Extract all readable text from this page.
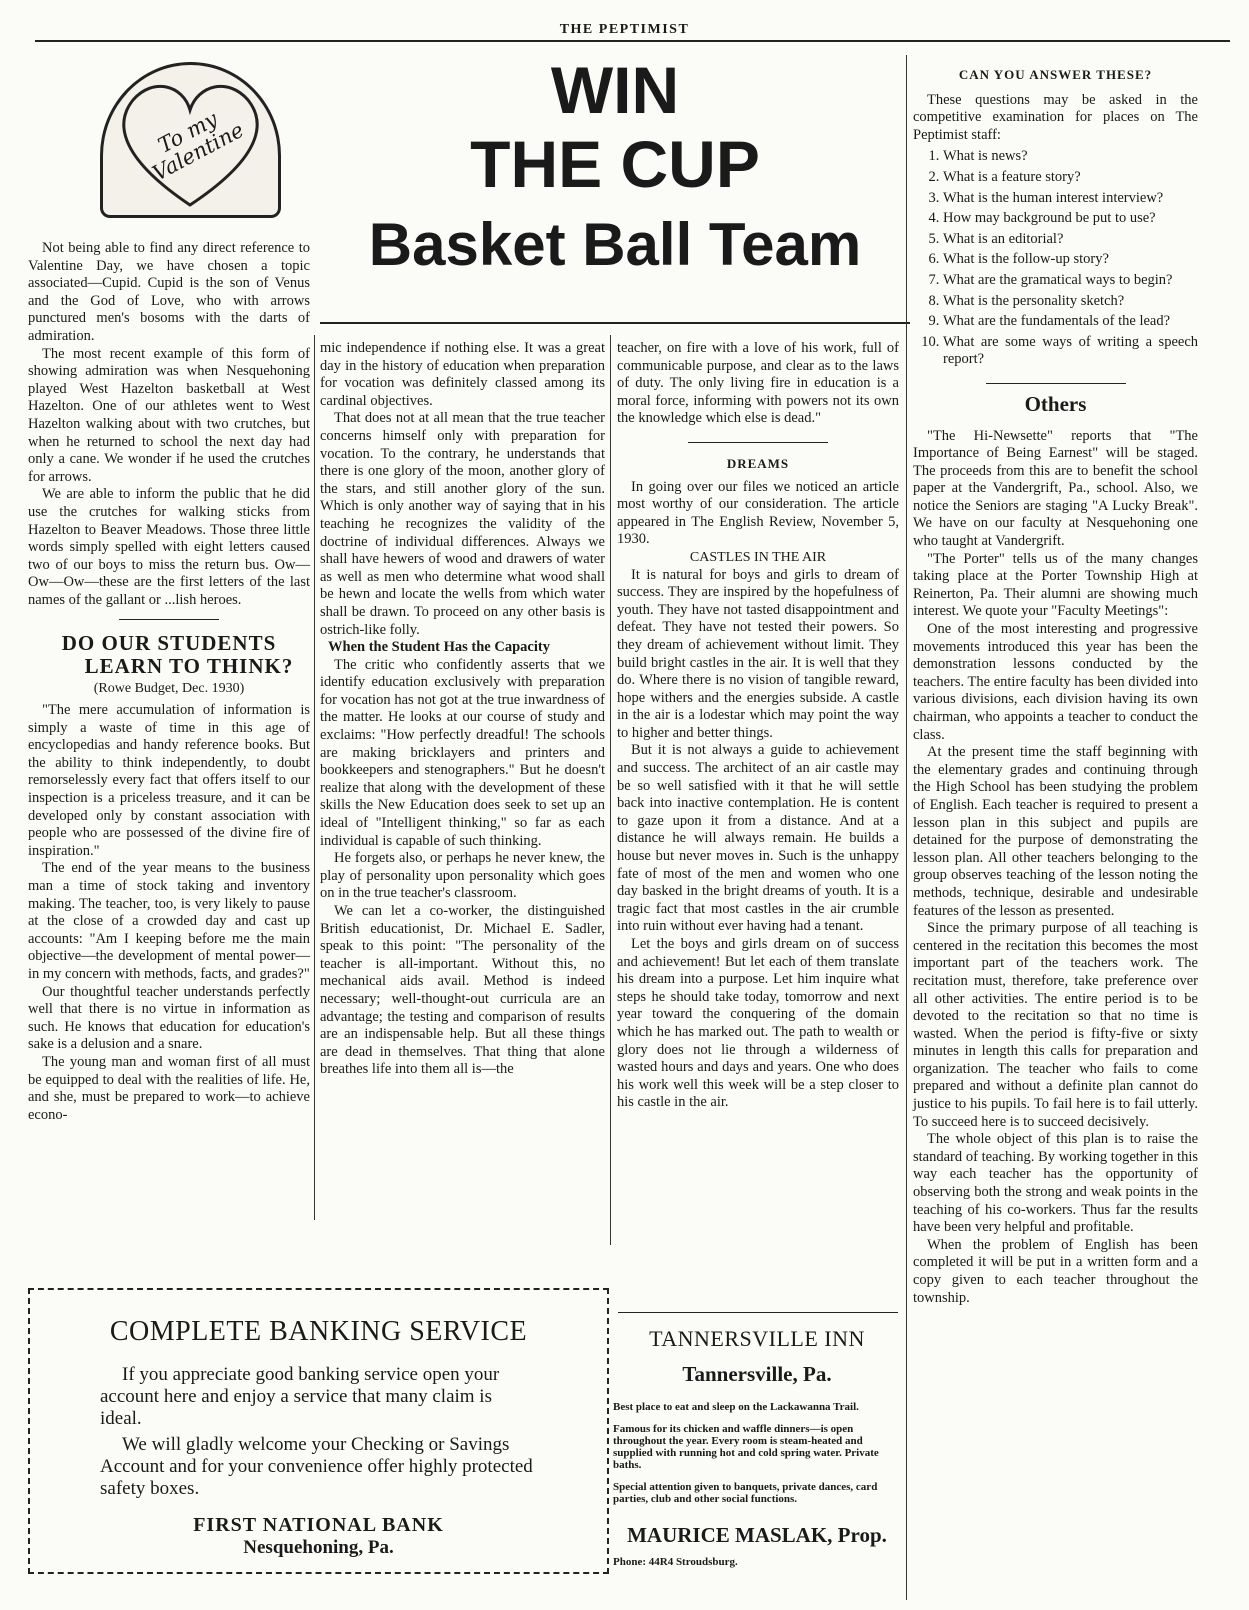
THE PEPTIMIST
To my Valentine
WIN
THE CUP
Basket Ball Team

Not being able to find any direct reference to Valentine Day, we have chosen a topic associated—Cupid. Cupid is the son of Venus and the God of Love, who with arrows punctured men's bosoms with the darts of admiration.

The most recent example of this form of showing admiration was when Nesquehoning played West Hazelton basketball at West Hazelton. One of our athletes went to West Hazelton walking about with two crutches, but when he returned to school the next day had only a cane. We wonder if he used the crutches for arrows.

We are able to inform the public that he did use the crutches for walking sticks from Hazelton to Beaver Meadows. Those three little words simply spelled with eight letters caused two of our boys to miss the return bus. Ow—Ow—Ow—these are the first letters of the last names of the gallant or ...lish heroes.

DO OUR STUDENTS
LEARN TO THINK?
(Rowe Budget, Dec. 1930)

"The mere accumulation of information is simply a waste of time in this age of encyclopedias and handy reference books. But the ability to think independently, to doubt remorselessly every fact that offers itself to our inspection is a priceless treasure, and it can be developed only by constant association with people who are possessed of the divine fire of inspiration."

The end of the year means to the business man a time of stock taking and inventory making. The teacher, too, is very likely to pause at the close of a crowded day and cast up accounts: "Am I keeping before me the main objective—the development of mental power—in my concern with methods, facts, and grades?"

Our thoughtful teacher understands perfectly well that there is no virtue in information as such. He knows that education for education's sake is a delusion and a snare.

The young man and woman first of all must be equipped to deal with the realities of life. He, and she, must be prepared to work—to achieve econo-

mic independence if nothing else. It was a great day in the history of education when preparation for vocation was definitely classed among its cardinal objectives.

That does not at all mean that the true teacher concerns himself only with preparation for vocation. To the contrary, he understands that there is one glory of the moon, another glory of the stars, and still another glory of the sun. Which is only another way of saying that in his teaching he recognizes the validity of the doctrine of individual differences. Always we shall have hewers of wood and drawers of water as well as men who determine what wood shall be hewn and locate the wells from which water shall be drawn. To proceed on any other basis is ostrich-like folly.

When the Student Has the Capacity

The critic who confidently asserts that we identify education exclusively with preparation for vocation has not got at the true inwardness of the matter. He looks at our course of study and exclaims: "How perfectly dreadful! The schools are making bricklayers and printers and bookkeepers and stenographers." But he doesn't realize that along with the development of these skills the New Education does seek to set up an ideal of "Intelligent thinking," so far as each individual is capable of such thinking.

He forgets also, or perhaps he never knew, the play of personality upon personality which goes on in the true teacher's classroom.

We can let a co-worker, the distinguished British educationist, Dr. Michael E. Sadler, speak to this point: "The personality of the teacher is all-important. Without this, no mechanical aids avail. Method is indeed necessary; well-thought-out curricula are an advantage; the testing and comparison of results are an indispensable help. But all these things are dead in themselves. That thing that alone breathes life into them all is—the

teacher, on fire with a love of his work, full of communicable purpose, and clear as to the laws of duty. The only living fire in education is a moral force, informing with powers not its own the knowledge which else is dead."

DREAMS

In going over our files we noticed an article most worthy of our consideration. The article appeared in The English Review, November 5, 1930.

CASTLES IN THE AIR

It is natural for boys and girls to dream of success. They are inspired by the hopefulness of youth. They have not tasted disappointment and defeat. They have not tested their powers. So they dream of achievement without limit. They build bright castles in the air. It is well that they do. Where there is no vision of tangible reward, hope withers and the energies subside. A castle in the air is a lodestar which may point the way to higher and better things.

But it is not always a guide to achievement and success. The architect of an air castle may be so well satisfied with it that he will settle back into inactive contemplation. He is content to gaze upon it from a distance. And at a distance he will always remain. He builds a house but never moves in. Such is the unhappy fate of most of the men and women who one day basked in the bright dreams of youth. It is a tragic fact that most castles in the air crumble into ruin without ever having had a tenant.

Let the boys and girls dream on of success and achievement! But let each of them translate his dream into a purpose. Let him inquire what steps he should take today, tomorrow and next year toward the conquering of the domain which he has marked out. The path to wealth or glory does not lie through a wilderness of wasted hours and days and years. One who does his work well this week will be a step closer to his castle in the air.

CAN YOU ANSWER THESE?

These questions may be asked in the competitive examination for places on The Peptimist staff:

1. What is news?
2. What is a feature story?
3. What is the human interest interview?
4. How may background be put to use?
5. What is an editorial?
6. What is the follow-up story?
7. What are the gramatical ways to begin?
8. What is the personality sketch?
9. What are the fundamentals of the lead?
10. What are some ways of writing a speech report?
Others

"The Hi-Newsette" reports that "The Importance of Being Earnest" will be staged. The proceeds from this are to benefit the school paper at the Vandergrift, Pa., school. Also, we notice the Seniors are staging "A Lucky Break". We have on our faculty at Nesquehoning one who taught at Vandergrift.

"The Porter" tells us of the many changes taking place at the Porter Township High at Reinerton, Pa. Their alumni are showing much interest. We quote your "Faculty Meetings":

One of the most interesting and progressive movements introduced this year has been the demonstration lessons conducted by the teachers. The entire faculty has been divided into various divisions, each division having its own chairman, who appoints a teacher to conduct the class.

At the present time the staff beginning with the elementary grades and continuing through the High School has been studying the problem of English. Each teacher is required to present a lesson plan in this subject and pupils are detained for the purpose of demonstrating the lesson plan. All other teachers belonging to the group observes teaching of the lesson noting the methods, technique, desirable and undesirable features of the lesson as presented.

Since the primary purpose of all teaching is centered in the recitation this becomes the most important part of the teachers work. The recitation must, therefore, take preference over all other activities. The entire period is to be devoted to the recitation so that no time is wasted. When the period is fifty-five or sixty minutes in length this calls for preparation and organization. The teacher who fails to come prepared and without a definite plan cannot do justice to his pupils. To fail here is to fail utterly. To succeed here is to succeed decisively.

The whole object of this plan is to raise the standard of teaching. By working together in this way each teacher has the opportunity of observing both the strong and weak points in the teaching of his co-workers. Thus far the results have been very helpful and profitable.

When the problem of English has been completed it will be put in a written form and a copy given to each teacher throughout the township.

COMPLETE BANKING SERVICE
If you appreciate good banking service open your account here and enjoy a service that many claim is ideal.
We will gladly welcome your Checking or Savings Account and for your convenience offer highly protected safety boxes.
FIRST NATIONAL BANK
Nesquehoning, Pa.
TANNERSVILLE INN
Tannersville, Pa.
Best place to eat and sleep on the Lackawanna Trail.
Famous for its chicken and waffle dinners—is open throughout the year. Every room is steam-heated and supplied with running hot and cold spring water. Private baths.
Special attention given to banquets, private dances, card parties, club and other social functions.
MAURICE MASLAK, Prop.
Phone: 44R4 Stroudsburg.
